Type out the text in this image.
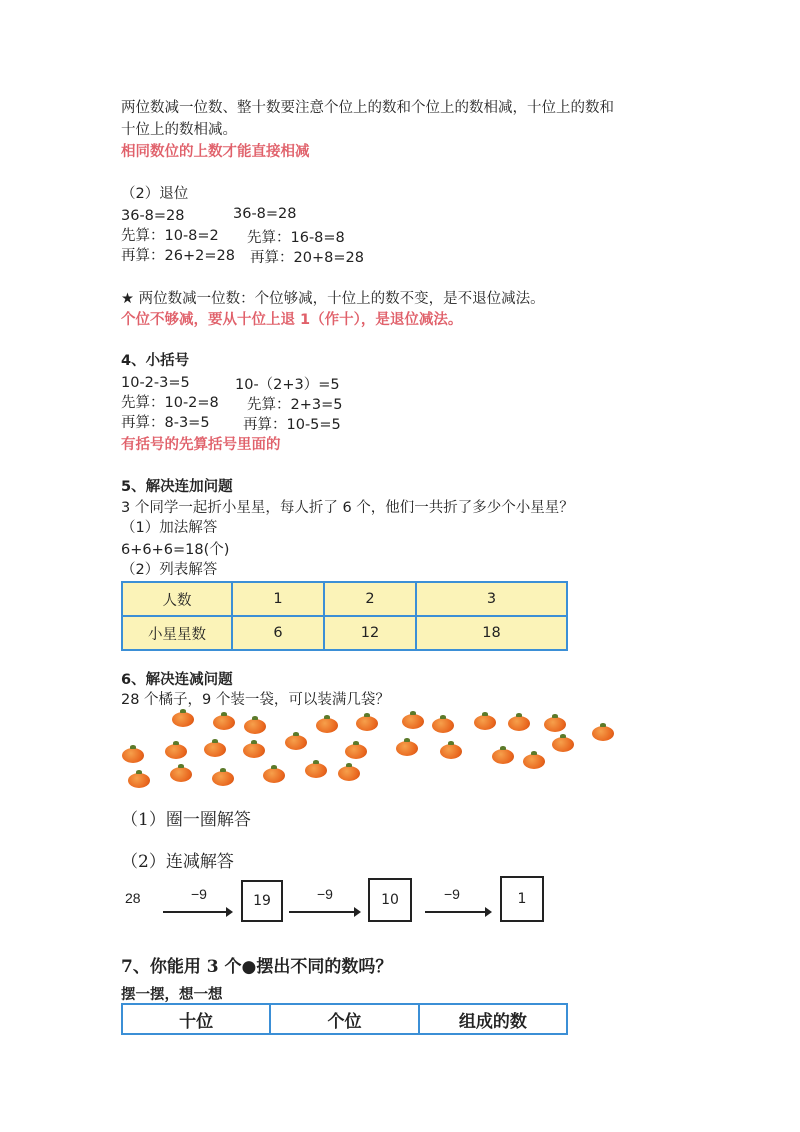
两位数减一位数、整十数要注意个位上的数和个位上的数相减，十位上的数和
十位上的数相减。
相同数位的上数才能直接相减
（2）退位
36-8=28	36-8=28
先算：10-8=2 先算：16-8=8
再算：26+2=28 再算：20+8=28
★ 两位数减一位数：个位够减，十位上的数不变，是不退位减法。
个位不够减，要从十位上退 1（作十），是退位减法。
4、小括号
10-2-3=5	10-（2+3）=5
先算：10-2=8 先算：2+3=5
再算：8-3=5 再算：10-5=5
有括号的先算括号里面的
5、解决连加问题
3 个同学一起折小星星，每人折了 6 个，他们一共折了多少个小星星？
（1）加法解答
6+6+6=18(个)
（2）列表解答
人数	1	2	3
小星星数	6	12	18
6、解决连减问题
28 个橘子，9 个装一袋，可以装满几袋？
（1）圈一圈解答
（2）连减解答
28	−9	19	−9	10	−9	1
7、你能用 3 个●摆出不同的数吗？
摆一摆，想一想
十位	个位	组成的数
